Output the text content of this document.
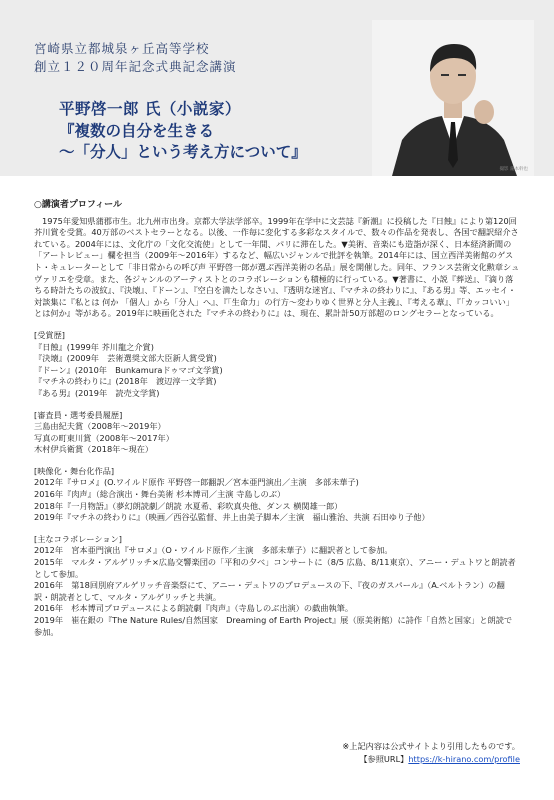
宮崎県立都城泉ヶ丘高等学校
創立１２０周年記念式典記念講演
平野啓一郎 氏（小説家）
『複数の自分を生きる
～「分人」という考え方について』
撮影 瀧本幹也
○講演者プロフィール

1975年愛知県蒲郡市生。北九州市出身。京都大学法学部卒。1999年在学中に文芸誌『新潮』に投稿した『日蝕』により第120回芥川賞を受賞。40万部のベストセラーとなる。以後、一作毎に変化する多彩なスタイルで、数々の作品を発表し、各国で翻訳紹介されている。2004年には、文化庁の「文化交流使」として一年間、パリに滞在した。▼美術、音楽にも造詣が深く、日本経済新聞の「アートレビュー」欄を担当（2009年～2016年）するなど、幅広いジャンルで批評を執筆。2014年には、国立西洋美術館のゲスト・キュレーターとして「非日常からの呼び声 平野啓一郎が選ぶ西洋美術の名品」展を開催した。同年、フランス芸術文化勲章シュヴァリエを受章。また、各ジャンルのアーティストとのコラボレーションも積極的に行っている。▼著書に、小説『葬送』、『滴り落ちる時計たちの波紋』、『決壊』、『ドーン』、『空白を満たしなさい』、『透明な迷宮』、『マチネの終わりに』、『ある男』等、エッセイ・対談集に『私とは 何か 「個人」から「分人」へ』、『「生命力」の行方～変わりゆく世界と分人主義』、『考える葦』、『「カッコいい」とは何か』等がある。2019年に映画化された『マチネの終わりに』は、現在、累計計50万部超のロングセラーとなっている。

[受賞歴]
『日蝕』(1999年 芥川龍之介賞)
『決壊』(2009年　芸術選奨文部大臣新人賞受賞)
『ドーン』(2010年　Bunkamuraドゥマゴ文学賞)
『マチネの終わりに』(2018年　渡辺淳一文学賞)
『ある男』(2019年　読売文学賞)
[審査員・選考委員履歴]
三島由紀夫賞（2008年～2019年）
写真の町東川賞（2008年～2017年）
木村伊兵衛賞（2018年～現在）
[映像化・舞台化作品]
2012年『サロメ』(O.ワイルド原作 平野啓一郎翻訳／宮本亜門演出／主演　多部未華子)
2016年『肉声』（総合演出・舞台美術 杉本博司／主演 寺島しのぶ）
2018年『一月物語』（夢幻朗読劇／朗読 水夏希、彩吹真央他、ダンス 横関雄一郎）
2019年『マチネの終わりに』（映画／西谷弘監督、井上由美子脚本／主演　福山雅治、共演 石田ゆり子他）
[主なコラボレーション]
2012年　宮本亜門演出『サロメ』（O・ワイルド原作／主演　多部未華子）に翻訳者として参加。
2015年　マルタ・アルゲリッチ×広島交響楽団の「平和の夕べ」コンサートに（8/5 広島、8/11東京）、アニー・デュトワと朗読者として参加。
2016年　第18回別府アルゲリッチ音楽祭にて、アニー・デュトワのプロデュースの下、『夜のガスパール』（A.ベルトラン）の翻訳・朗読者として、マルタ・アルゲリッチと共演。
2016年　杉本博司プロデュースによる朗読劇『肉声』（寺島しのぶ出演）の戯曲執筆。
2019年　崔在銀の『The Nature Rules/自然国家　Dreaming of Earth Project』展（原美術館）に詩作「自然と国家」と朗読で参加。
※上記内容は公式サイトより引用したものです。
【参照URL】https://k-hirano.com/profile
